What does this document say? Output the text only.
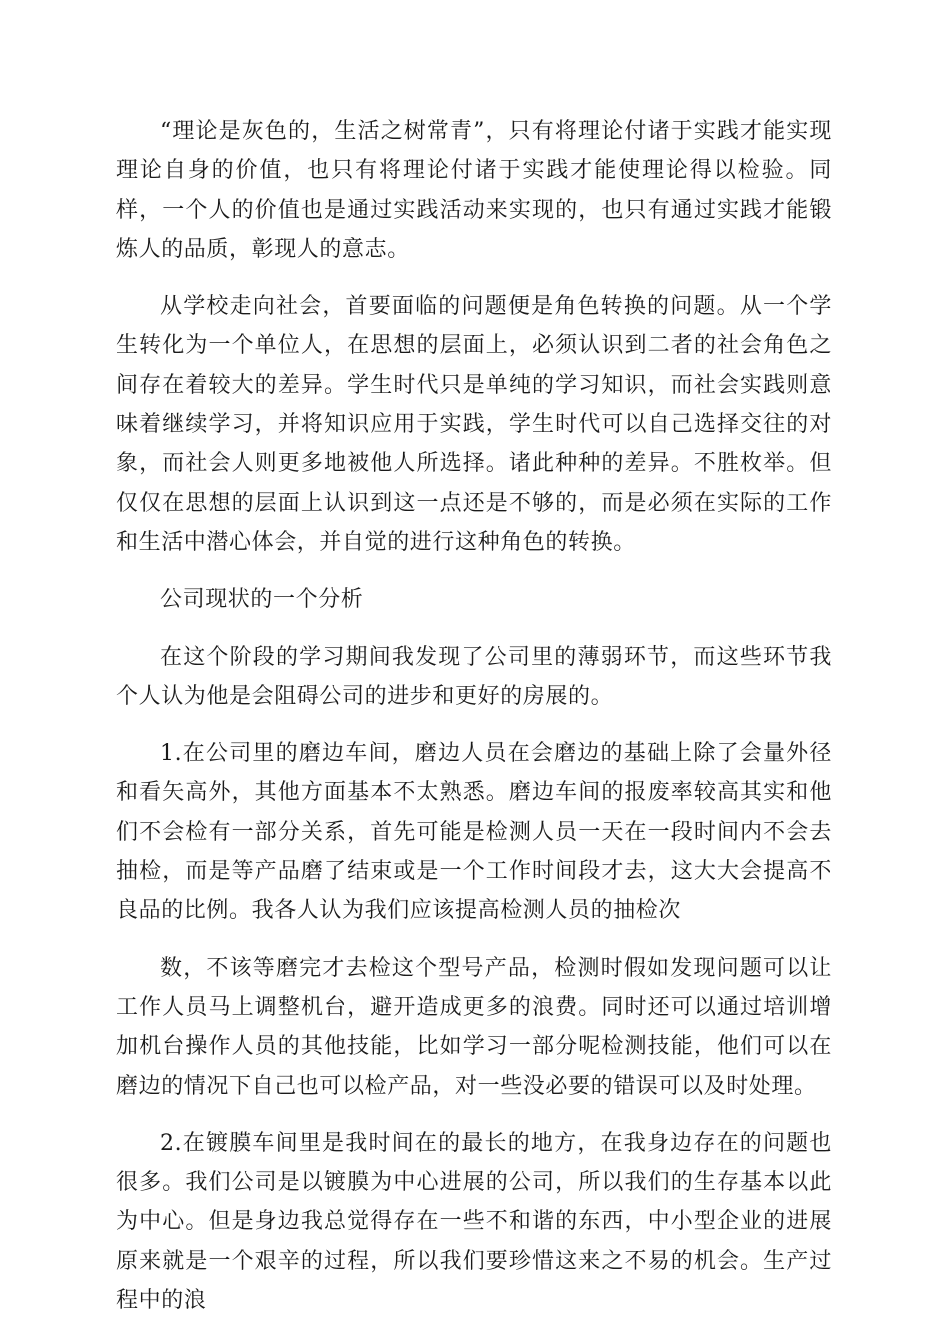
“理论是灰色的，生活之树常青”，只有将理论付诸于实践才能实现理论自身的价值，也只有将理论付诸于实践才能使理论得以检验。同样，一个人的价值也是通过实践活动来实现的，也只有通过实践才能锻炼人的品质，彰现人的意志。

从学校走向社会，首要面临的问题便是角色转换的问题。从一个学生转化为一个单位人，在思想的层面上，必须认识到二者的社会角色之间存在着较大的差异。学生时代只是单纯的学习知识，而社会实践则意味着继续学习，并将知识应用于实践，学生时代可以自己选择交往的对象，而社会人则更多地被他人所选择。诸此种种的差异。不胜枚举。但仅仅在思想的层面上认识到这一点还是不够的，而是必须在实际的工作和生活中潜心体会，并自觉的进行这种角色的转换。

公司现状的一个分析

在这个阶段的学习期间我发现了公司里的薄弱环节，而这些环节我个人认为他是会阻碍公司的进步和更好的房展的。

1.在公司里的磨边车间，磨边人员在会磨边的基础上除了会量外径和看矢高外，其他方面基本不太熟悉。磨边车间的报废率较高其实和他们不会检有一部分关系，首先可能是检测人员一天在一段时间内不会去抽检，而是等产品磨了结束或是一个工作时间段才去，这大大会提高不良品的比例。我各人认为我们应该提高检测人员的抽检次

数，不该等磨完才去检这个型号产品，检测时假如发现问题可以让工作人员马上调整机台，避开造成更多的浪费。同时还可以通过培训增加机台操作人员的其他技能，比如学习一部分呢检测技能，他们可以在磨边的情况下自己也可以检产品，对一些没必要的错误可以及时处理。

2.在镀膜车间里是我时间在的最长的地方，在我身边存在的问题也很多。我们公司是以镀膜为中心进展的公司，所以我们的生存基本以此为中心。但是身边我总觉得存在一些不和谐的东西，中小型企业的进展原来就是一个艰辛的过程，所以我们要珍惜这来之不易的机会。生产过程中的浪
